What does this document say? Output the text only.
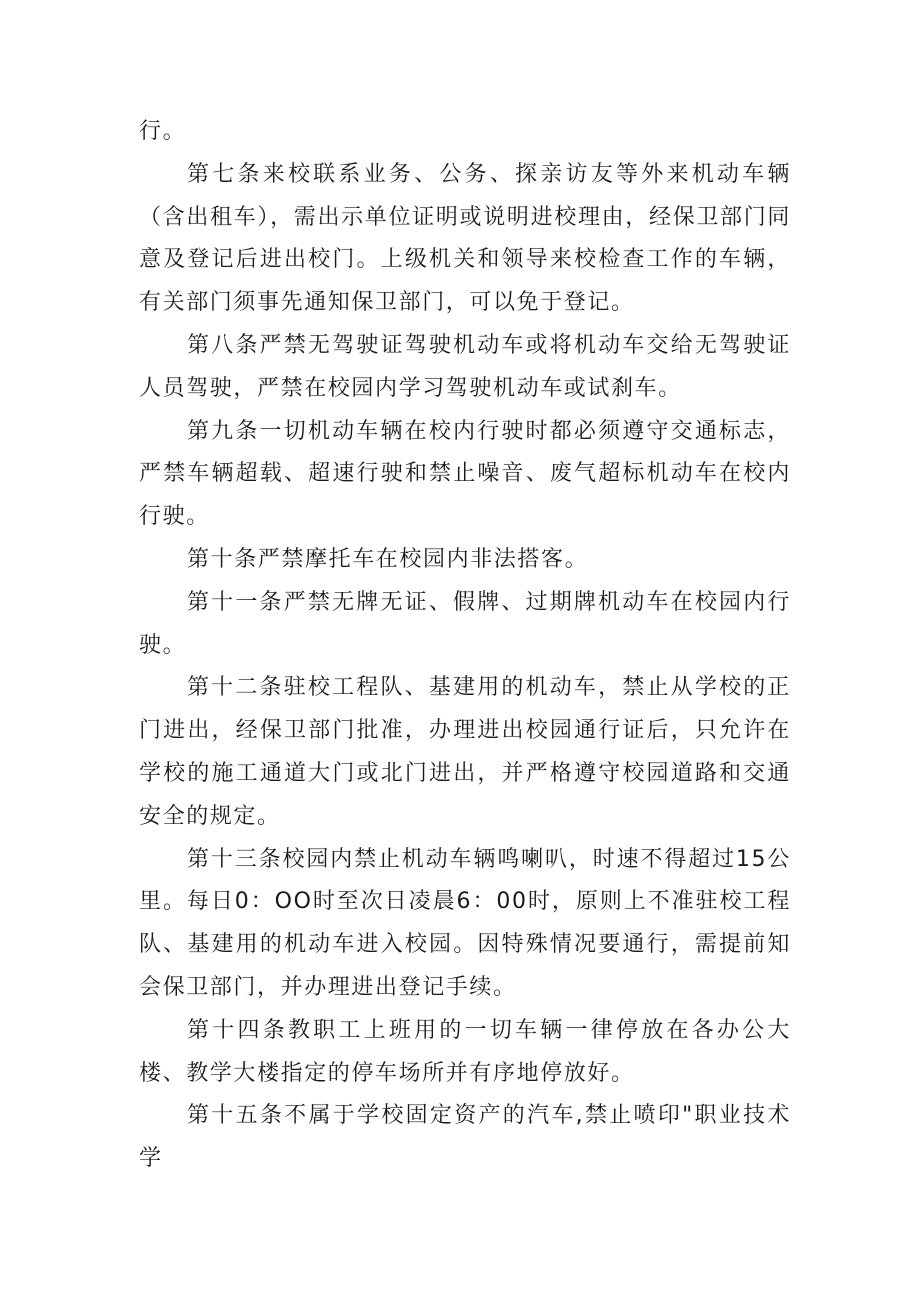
行。

第七条来校联系业务、公务、探亲访友等外来机动车辆（含出租车），需出示单位证明或说明进校理由，经保卫部门同意及登记后进出校门。上级机关和领导来校检查工作的车辆，有关部门须事先通知保卫部门，可以免于登记。

第八条严禁无驾驶证驾驶机动车或将机动车交给无驾驶证人员驾驶，严禁在校园内学习驾驶机动车或试刹车。

第九条一切机动车辆在校内行驶时都必须遵守交通标志，严禁车辆超载、超速行驶和禁止噪音、废气超标机动车在校内行驶。

第十条严禁摩托车在校园内非法搭客。

第十一条严禁无牌无证、假牌、过期牌机动车在校园内行驶。

第十二条驻校工程队、基建用的机动车，禁止从学校的正门进出，经保卫部门批准，办理进出校园通行证后，只允许在学校的施工通道大门或北门进出，并严格遵守校园道路和交通安全的规定。

第十三条校园内禁止机动车辆鸣喇叭，时速不得超过15公里。每日0：OO时至次日凌晨6：00时，原则上不准驻校工程队、基建用的机动车进入校园。因特殊情况要通行，需提前知会保卫部门，并办理进出登记手续。

第十四条教职工上班用的一切车辆一律停放在各办公大楼、教学大楼指定的停车场所并有序地停放好。

第十五条不属于学校固定资产的汽车,禁止喷印"职业技术学
